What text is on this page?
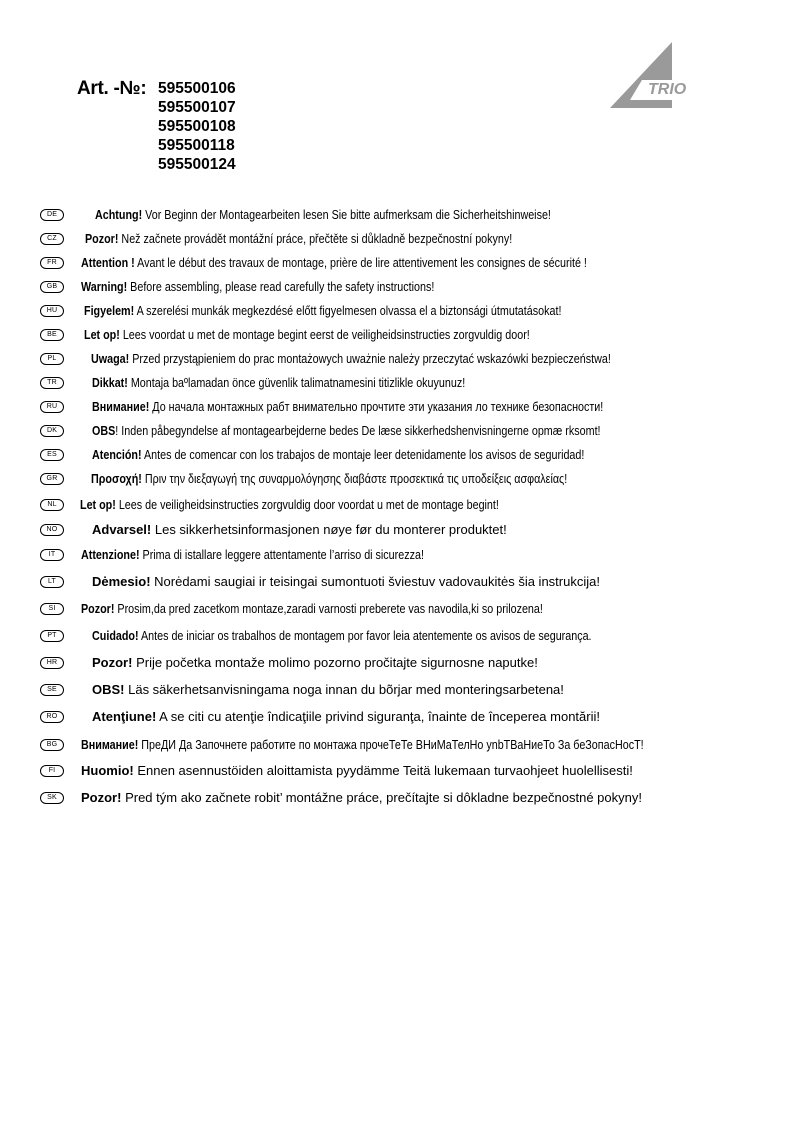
Art. -№: 595500106
595500107
595500108
595500118
595500124
TRIO
DE	Achtung! Vor Beginn der Montagearbeiten lesen Sie bitte aufmerksam die Sicherheitshinweise!
CZ	Pozor! Než začnete provádět montážní práce, přečtěte si důkladně bezpečnostní pokyny!
FR	Attention ! Avant le début des travaux de montage, prière de lire attentivement les consignes de sécurité !
GB	Warning! Before assembling, please read carefully the safety instructions!
HU	Figyelem! A szerelési munkák megkezdésé előtt figyelmesen olvassa el a biztonsági útmutatásokat!
BE	Let op! Lees voordat u met de montage begint eerst de veiligheidsinstructies zorgvuldig door!
PL	Uwaga! Przed przystąpieniem do prac montażowych uważnie należy przeczytać wskazówki bezpieczeństwa!
TR	Dikkat! Montaja baºlamadan önce güvenlik talimatnamesini titizlikle okuyunuz!
RU	Внимание! До начала монтажных рабт внимательно прочтите эти указания ло технике безопасности!
DK	OBS! Inden påbegyndelse af montagearbejderne bedes De læse sikkerhedshenvisningerne opmæ rksomt!
ES	Atención! Antes de comencar con los trabajos de montaje leer detenidamente los avisos de seguridad!
GR	Προσοχή! Πριν την διεξαγωγή της συναρμολόγησης διαβάστε προσεκτικά τις υποδείξεις ασφαλείας!
NL	Let op! Lees de veiligheidsinstructies zorgvuldig door voordat u met de montage begint!
NO	Advarsel! Les sikkerhetsinformasjonen nøye før du monterer produktet!
IT	Attenzione! Prima di istallare leggere attentamente l’arriso di sicurezza!
LT	Dėmesio! Norėdami saugiai ir teisingai sumontuoti šviestuv vadovaukitės šia instrukcija!
SI	Pozor! Prosim,da pred zacetkom montaze,zaradi varnosti preberete vas navodila,ki so prilozena!
PT	Cuidado! Antes de iniciar os trabalhos de montagem por favor leia atentemente os avisos de segurança.
HR	Pozor! Prije početka montaže molimo pozorno pročitajte sigurnosne naputke!
SE	OBS! Läs säkerhetsanvisningama noga innan du bõrjar med monteringsarbetena!
RO	Atenţiune! A se citi cu atenţie îndicaţiile privind siguranţa, înainte de începerea montării!
BG	Внимание! ПреДИ Да Започнете работите по монтажа прочеТеТе ВНиМаТелНо ynbТВаНиеТо За беЗопасНосТ!
FI	Huomio! Ennen asennustöiden aloittamista pyydämme Teitä lukemaan turvaohjeet huolellisesti!
SK	Pozor! Pred tým ako začnete robit’ montážne práce, prečítajte si dôkladne bezpečnostné pokyny!
